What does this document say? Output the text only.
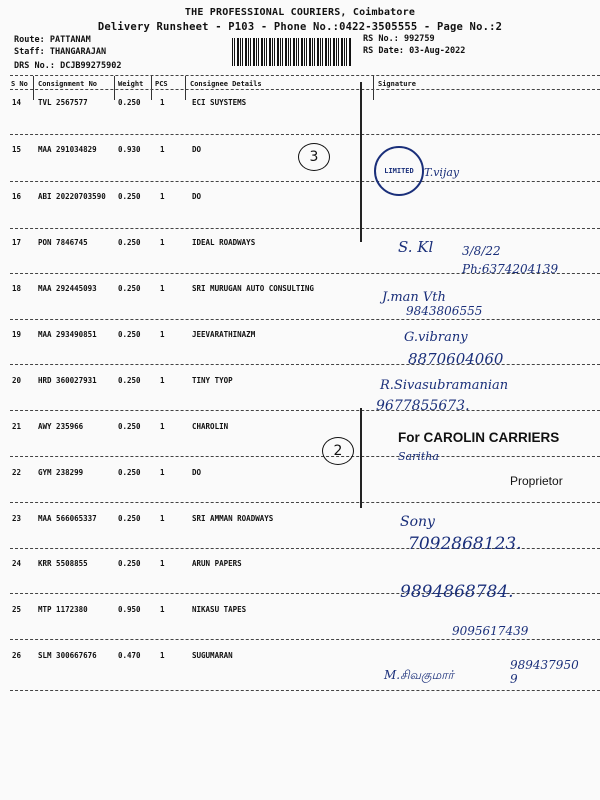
THE PROFESSIONAL COURIERS, Coimbatore
Delivery Runsheet - P103 - Phone No.:0422-3505555 - Page No.:2
Route: PATTANAM
Staff: THANGARAJAN
DRS No.: DCJB99275902
RS No.: 992759
RS Date: 03-Aug-2022
S No Consignment No	Weight PCS	Consignee Details	Signature
14 TVL 2567577	0.250	1	ECI SUYSTEMS
15 MAA 291034829	0.930	1	DO
16 ABI 20220703590 0.250	1	DO
17 PON 7846745	0.250	1	IDEAL ROADWAYS
18 MAA 292445093	0.250	1	SRI MURUGAN AUTO CONSULTING
19 MAA 293490851	0.250	1	JEEVARATHINAZM
20 HRD 360027931	0.250	1	TINY TYOP
21 AWY 235966	0.250	1	CHAROLIN
22 GYM 238299	0.250	1	DO
23 MAA 566065337	0.250	1	SRI AMMAN ROADWAYS
24 KRR 5508855	0.250	1	ARUN PAPERS
25 MTP 1172380	0.950	1	NIKASU TAPES
26 SLM 300667676	0.470	1	SUGUMARAN
3
2
LIMITED T.vijay
S. Kl 3/8/22
Ph:6374204139
J.man Vth
9843806555
G.vibrany
8870604060
R.Sivasubramanian
9677855673.
For CAROLIN CARRIERS
Saritha
Proprietor
Sony
7092868123.
9894868784.
9095617439
M.சிவகுமார்
9894379509
